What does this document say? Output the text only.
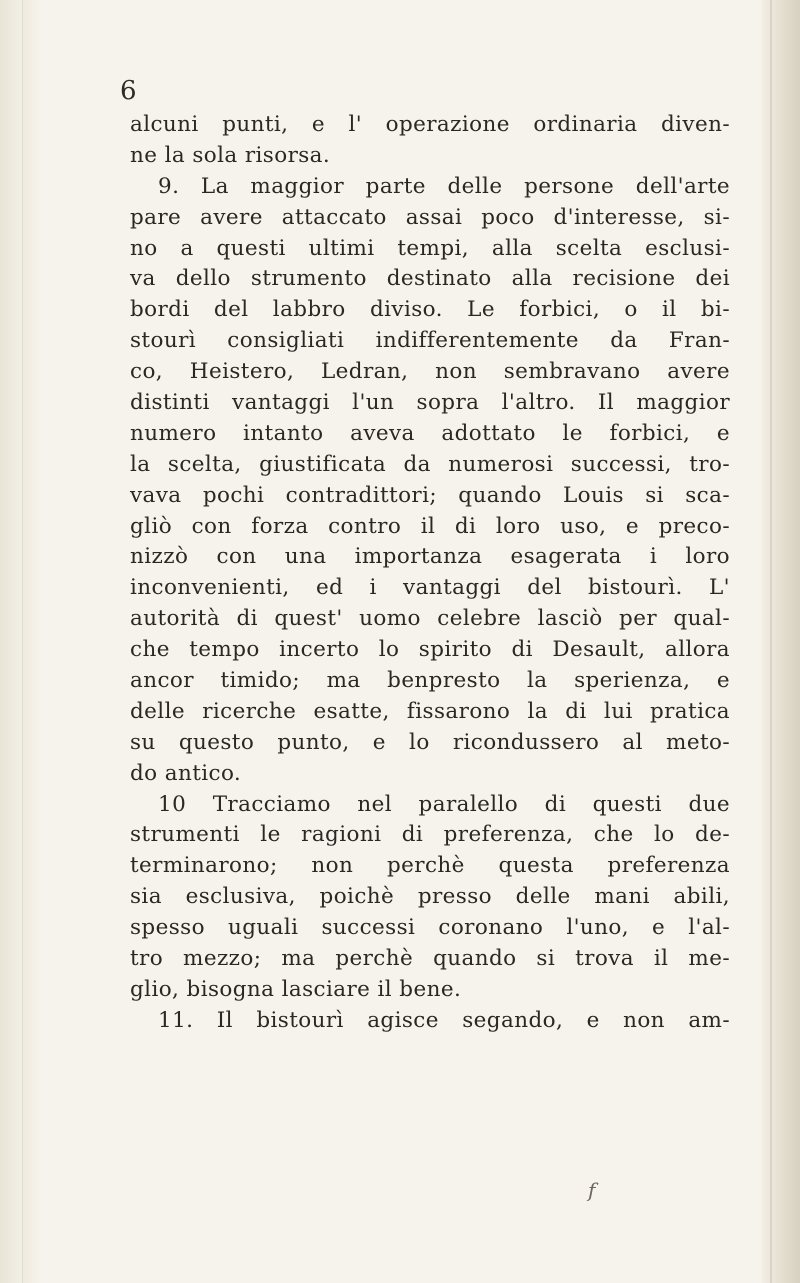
6
alcuni punti, e l' operazione ordinaria diven-
ne la sola risorsa.
9. La maggior parte delle persone dell'arte
pare avere attaccato assai poco d'interesse, si-
no a questi ultimi tempi, alla scelta esclusi-
va dello strumento destinato alla recisione dei
bordi del labbro diviso. Le forbici, o il bi-
stourì consigliati indifferentemente da Fran-
co, Heistero, Ledran, non sembravano avere
distinti vantaggi l'un sopra l'altro. Il maggior
numero intanto aveva adottato le forbici, e
la scelta, giustificata da numerosi successi, tro-
vava pochi contradittori; quando Louis si sca-
gliò con forza contro il di loro uso, e preco-
nizzò con una importanza esagerata i loro
inconvenienti, ed i vantaggi del bistourì. L'
autorità di quest' uomo celebre lasciò per qual-
che tempo incerto lo spirito di Desault, allora
ancor timido; ma benpresto la sperienza, e
delle ricerche esatte, fissarono la di lui pratica
su questo punto, e lo ricondussero al meto-
do antico.
10 Tracciamo nel paralello di questi due
strumenti le ragioni di preferenza, che lo de-
terminarono; non perchè questa preferenza
sia esclusiva, poichè presso delle mani abili,
spesso uguali successi coronano l'uno, e l'al-
tro mezzo; ma perchè quando si trova il me-
glio, bisogna lasciare il bene.
11. Il bistourì agisce segando, e non am-
f
